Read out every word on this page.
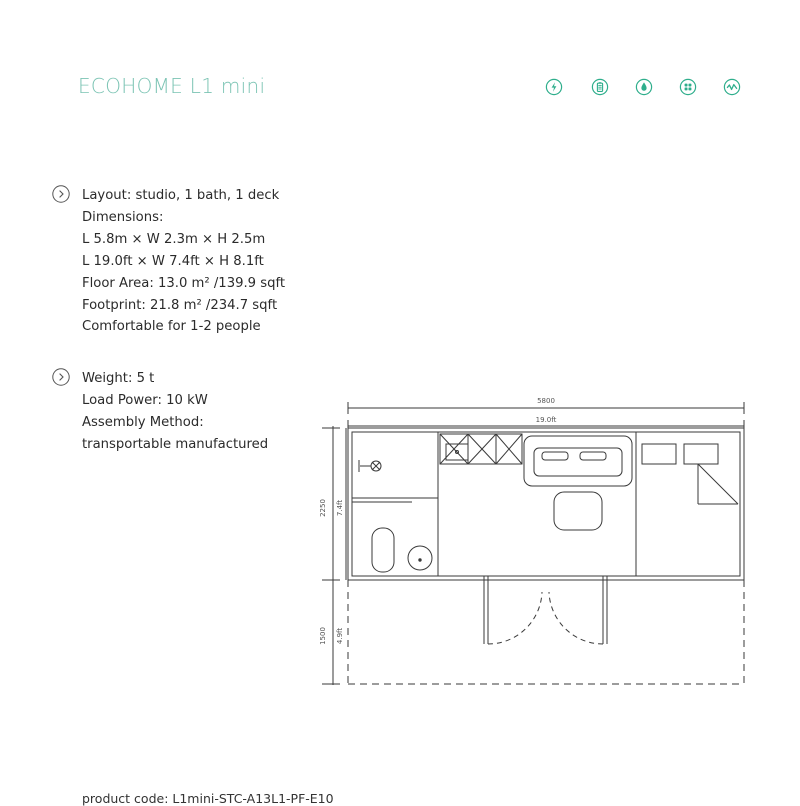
ECOHOME L1 mini
Layout: studio, 1 bath, 1 deck
Dimensions:
L 5.8m × W 2.3m × H 2.5m
L 19.0ft × W 7.4ft × H 8.1ft
Floor Area: 13.0 m² /139.9 sqft
Footprint: 21.8 m² /234.7 sqft
Comfortable for 1-2 people
Weight: 5 t
Load Power: 10 kW
Assembly Method:
transportable manufactured
5800
19.0ft
2250 7.4ft
1500 4.9ft
product code: L1mini-STC-A13L1-PF-E10
